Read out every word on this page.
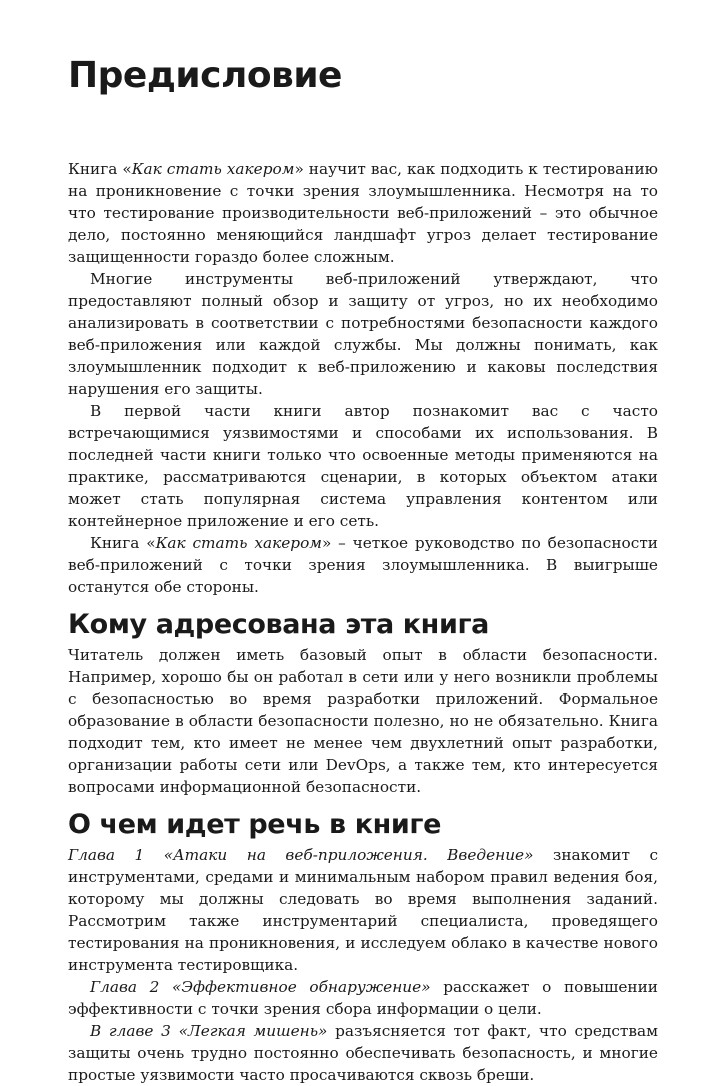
Предисловие

Книга «Как стать хакером» научит вас, как подходить к тестированию на проникновение с точки зрения злоумышленника. Несмотря на то что тестирование производительности веб-приложений – это обычное дело, постоянно меняющийся ландшафт угроз делает тестирование защищенности гораздо более сложным.

Многие инструменты веб-приложений утверждают, что предоставляют полный обзор и защиту от угроз, но их необходимо анализировать в соответствии с потребностями безопасности каждого веб-приложения или каждой службы. Мы должны понимать, как злоумышленник подходит к веб-приложению и каковы последствия нарушения его защиты.

В первой части книги автор познакомит вас с часто встречающимися уязвимостями и способами их использования. В последней части книги только что освоенные методы применяются на практике, рассматриваются сценарии, в которых объектом атаки может стать популярная система управления контентом или контейнерное приложение и его сеть.

Книга «Как стать хакером» – четкое руководство по безопасности веб-приложений с точки зрения злоумышленника. В выигрыше останутся обе стороны.

Кому адресована эта книга

Читатель должен иметь базовый опыт в области безопасности. Например, хорошо бы он работал в сети или у него возникли проблемы с безопасностью во время разработки приложений. Формальное образование в области безопасности полезно, но не обязательно. Книга подходит тем, кто имеет не менее чем двухлетний опыт разработки, организации работы сети или DevOps, а также тем, кто интересуется вопросами информационной безопасности.

О чем идет речь в книге

Глава 1 «Атаки на веб-приложения. Введение» знакомит с инструментами, средами и минимальным набором правил ведения боя, которому мы должны следовать во время выполнения заданий. Рассмотрим также инструментарий специалиста, проведящего тестирования на проникновения, и исследуем облако в качестве нового инструмента тестировщика.

Глава 2 «Эффективное обнаружение» расскажет о повышении эффективности с точки зрения сбора информации о цели.

В главе 3 «Легкая мишень» разъясняется тот факт, что средствам защиты очень трудно постоянно обеспечивать безопасность, и многие простые уязвимости часто просачиваются сквозь бреши.
